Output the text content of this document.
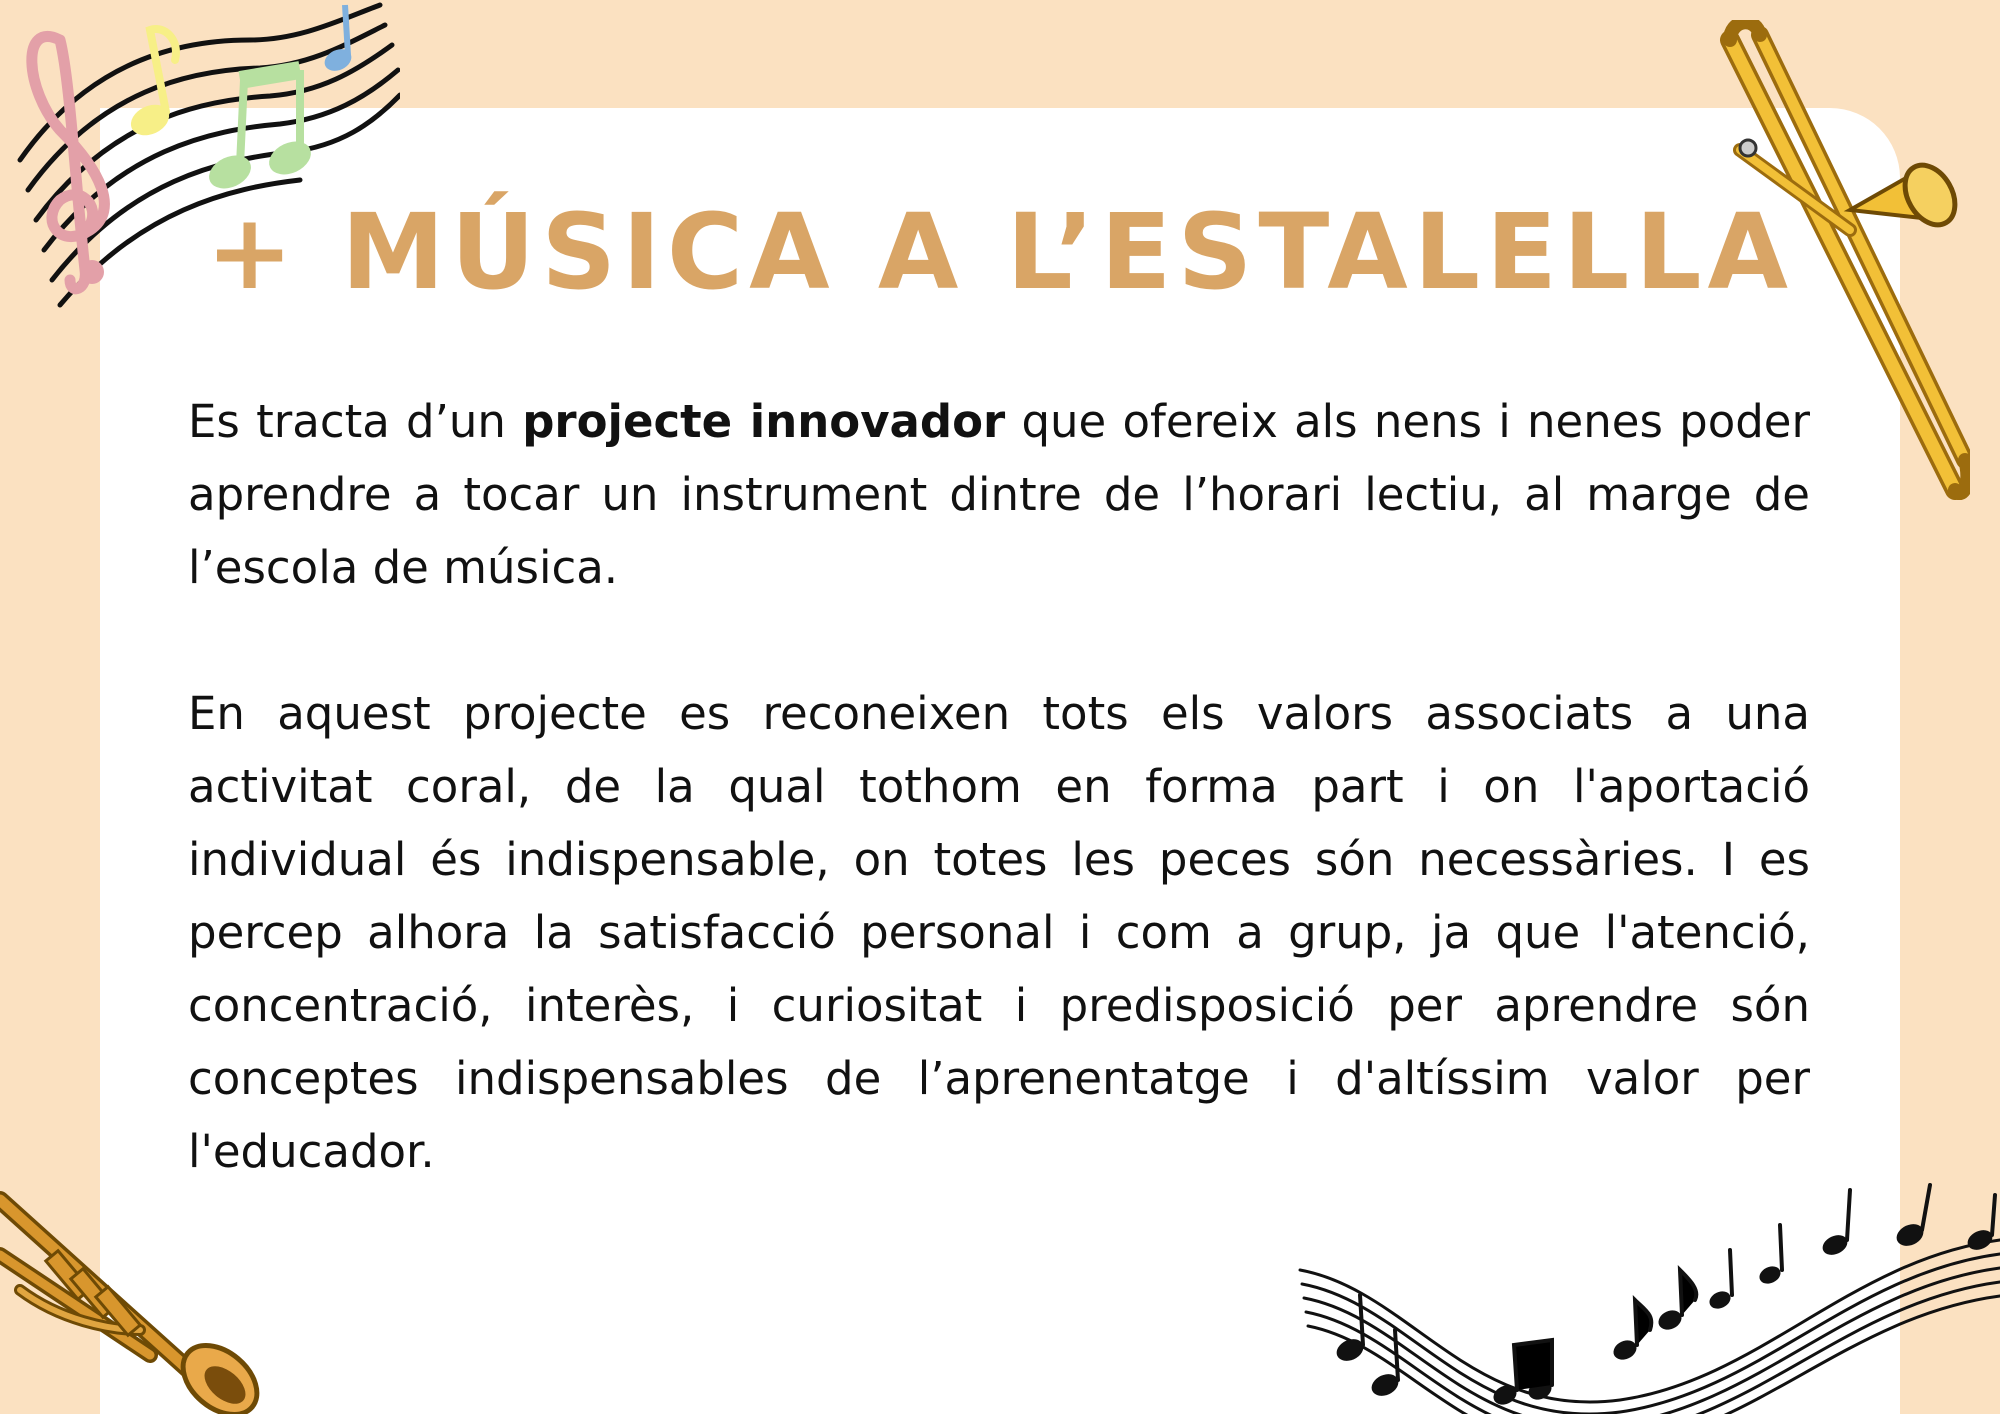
+ MÚSICA A L’ESTALELLA

Es tracta d’un projecte innovador que ofereix als nens i nenes poder aprendre a tocar un instrument dintre de l’horari lectiu, al marge de l’escola de música.

En aquest projecte es reconeixen tots els valors associats a una activitat coral, de la qual tothom en forma part i on l'aportació individual és indispensable, on totes les peces són necessàries. I es percep alhora la satisfacció personal i com a grup, ja que l'atenció, concentració, interès, i curiositat i predisposició per aprendre són conceptes indispensables de l’aprenentatge i d'altíssim valor per l'educador.
